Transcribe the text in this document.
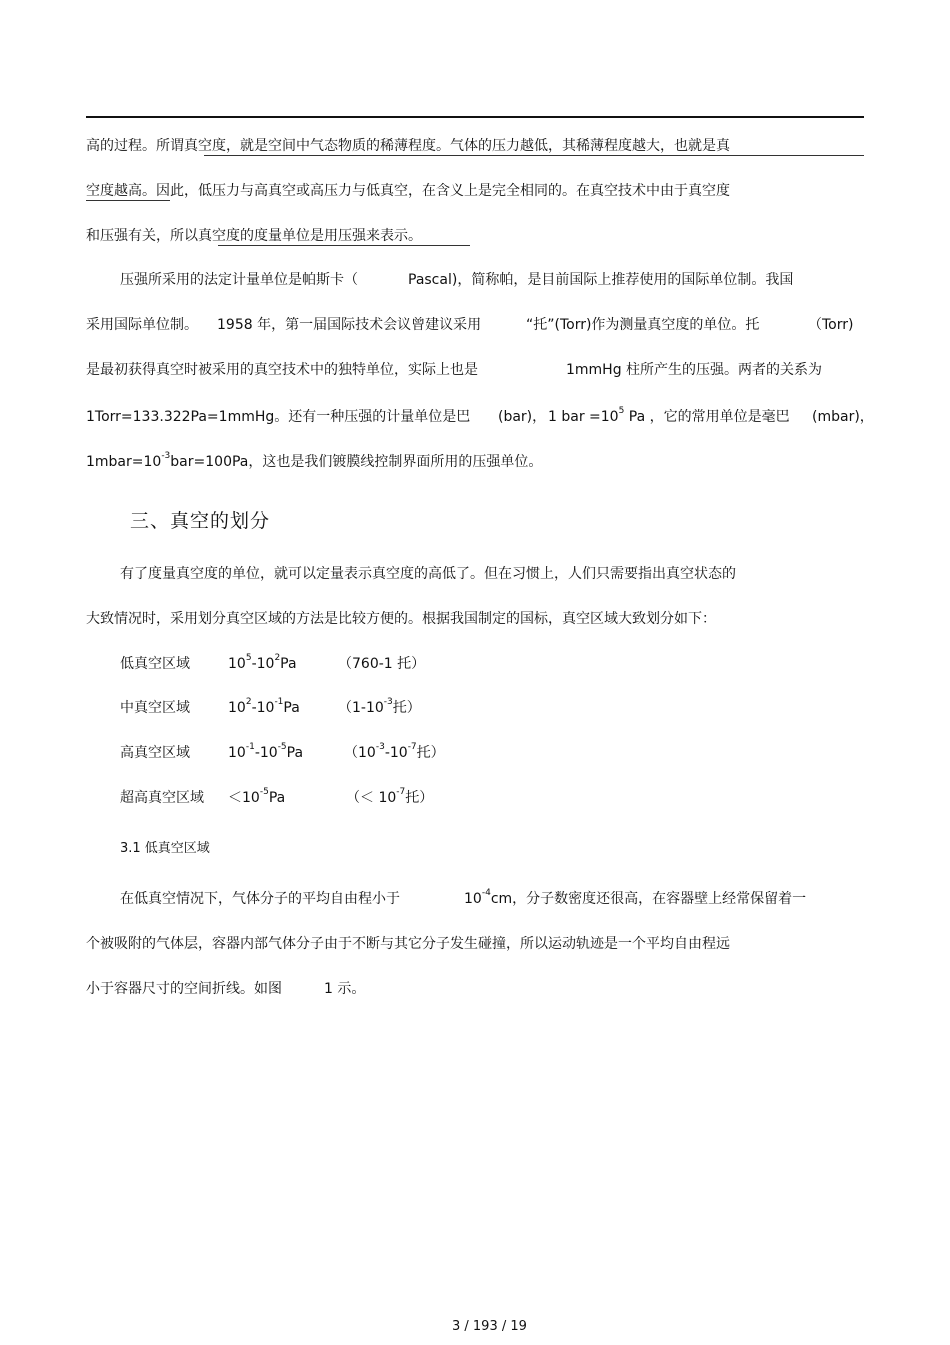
高的过程。所谓真空度，就是空间中气态物质的稀薄程度。气体的压力越低，其稀薄程度越大，也就是真
空度越高。因此，低压力与高真空或高压力与低真空，在含义上是完全相同的。在真空技术中由于真空度
和压强有关，所以真空度的度量单位是用压强来表示。
压强所采用的法定计量单位是帕斯卡（	Pascal)，简称帕，是目前国际上推荐使用的国际单位制。我国
采用国际单位制。 1958 年，第一届国际技术会议曾建议采用	“托”(Torr)作为测量真空度的单位。托	（Torr)
是最初获得真空时被采用的真空技术中的独特单位，实际上也是	1mmHg 柱所产生的压强。两者的关系为
1Torr=133.322Pa=1mmHg。还有一种压强的计量单位是巴 (bar)， 1 bar $=10^5$ Pa ，它的常用单位是毫巴 (mbar)，
$1mbar=10^{-3}bar=100Pa$，这也是我们镀膜线控制界面所用的压强单位。
三、真空的划分
有了度量真空度的单位，就可以定量表示真空度的高低了。但在习惯上，人们只需要指出真空状态的
大致情况时，采用划分真空区域的方法是比较方便的。根据我国制定的国标，真空区域大致划分如下：
低真空区域	$10^5-10^2Pa$	（760-1 托）
中真空区域	$10^2-10^{-1}Pa$	（$1-10^{-3}$托）
高真空区域	$10^{-1}-10^{-5}Pa$	（$10^{-3}-10^{-7}$托）
超高真空区域 $<10^{-5}Pa$	（＜ $10^{-7}$托）
3.1 低真空区域
在低真空情况下，气体分子的平均自由程小于	$10^{-4}cm$，分子数密度还很高，在容器壁上经常保留着一
个被吸附的气体层，容器内部气体分子由于不断与其它分子发生碰撞，所以运动轨迹是一个平均自由程远
小于容器尺寸的空间折线。如图	1 示。
3 / 193 / 19
